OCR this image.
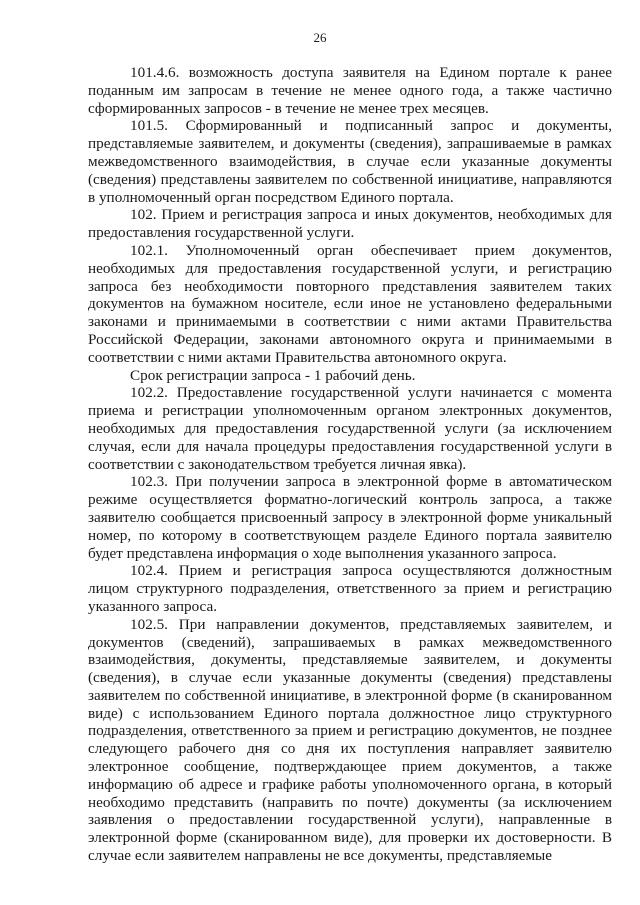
26

101.4.6. возможность доступа заявителя на Едином портале к ранее поданным им запросам в течение не менее одного года, а также частично сформированных запросов - в течение не менее трех месяцев.

101.5. Сформированный и подписанный запрос и документы, представляемые заявителем, и документы (сведения), запрашиваемые в рамках межведомственного взаимодействия, в случае если указанные документы (сведения) представлены заявителем по собственной инициативе, направляются в уполномоченный орган посредством Единого портала.

102. Прием и регистрация запроса и иных документов, необходимых для предоставления государственной услуги.

102.1. Уполномоченный орган обеспечивает прием документов, необходимых для предоставления государственной услуги, и регистрацию запроса без необходимости повторного представления заявителем таких документов на бумажном носителе, если иное не установлено федеральными законами и принимаемыми в соответствии с ними актами Правительства Российской Федерации, законами автономного округа и принимаемыми в соответствии с ними актами Правительства автономного округа.

Срок регистрации запроса - 1 рабочий день.

102.2. Предоставление государственной услуги начинается с момента приема и регистрации уполномоченным органом электронных документов, необходимых для предоставления государственной услуги (за исключением случая, если для начала процедуры предоставления государственной услуги в соответствии с законодательством требуется личная явка).

102.3. При получении запроса в электронной форме в автоматическом режиме осуществляется форматно-логический контроль запроса, а также заявителю сообщается присвоенный запросу в электронной форме уникальный номер, по которому в соответствующем разделе Единого портала заявителю будет представлена информация о ходе выполнения указанного запроса.

102.4. Прием и регистрация запроса осуществляются должностным лицом структурного подразделения, ответственного за прием и регистрацию указанного запроса.

102.5. При направлении документов, представляемых заявителем, и документов (сведений), запрашиваемых в рамках межведомственного взаимодействия, документы, представляемые заявителем, и документы (сведения), в случае если указанные документы (сведения) представлены заявителем по собственной инициативе, в электронной форме (в сканированном виде) с использованием Единого портала должностное лицо структурного подразделения, ответственного за прием и регистрацию документов, не позднее следующего рабочего дня со дня их поступления направляет заявителю электронное сообщение, подтверждающее прием документов, а также информацию об адресе и графике работы уполномоченного органа, в который необходимо представить (направить по почте) документы (за исключением заявления о предоставлении государственной услуги), направленные в электронной форме (сканированном виде), для проверки их достоверности. В случае если заявителем направлены не все документы, представляемые
